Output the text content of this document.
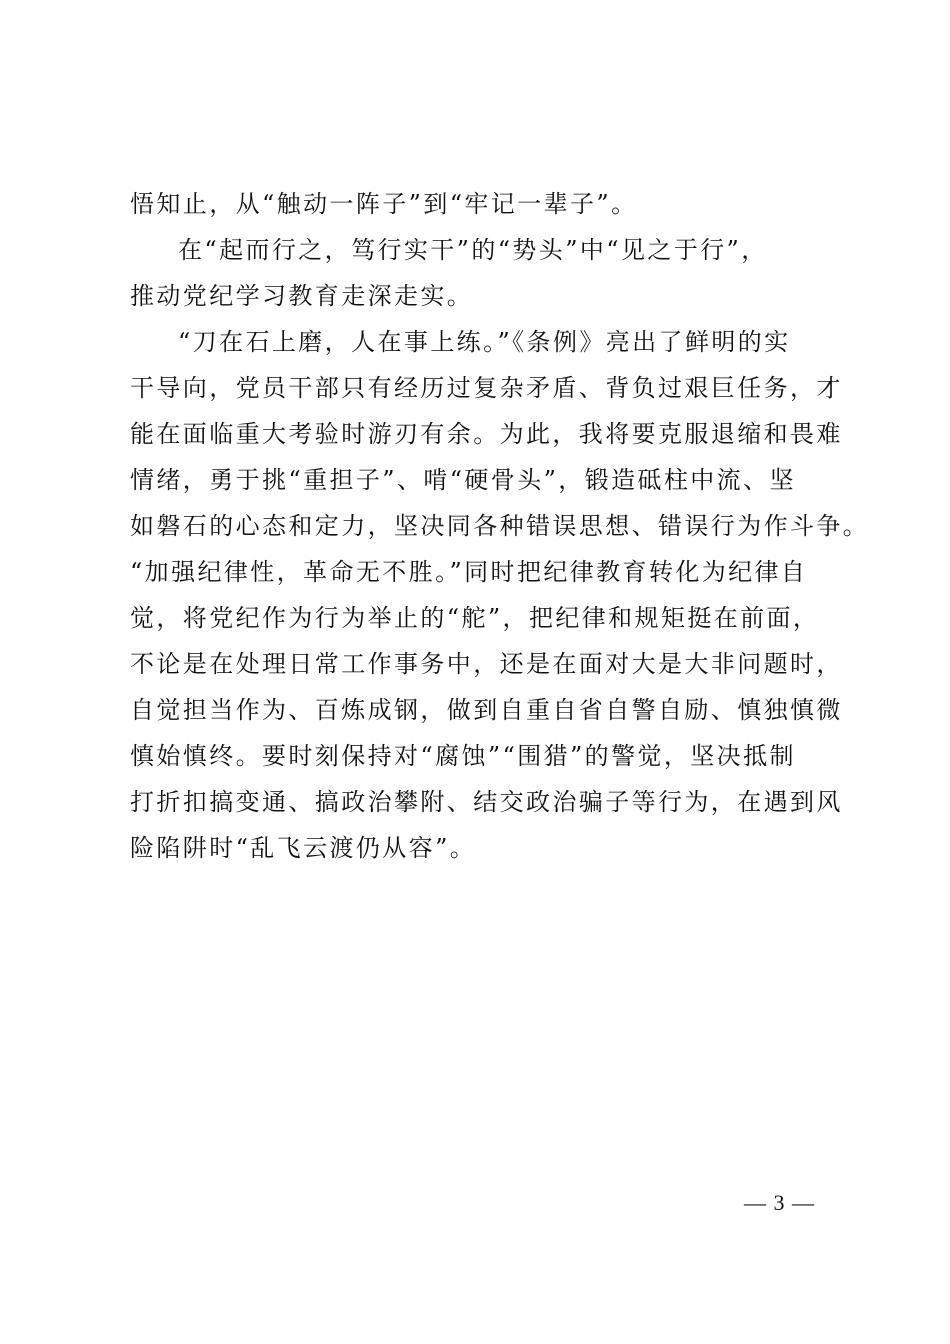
悟知止，从“触动一阵子”到“牢记一辈子”。
在“起而行之，笃行实干”的“势头”中“见之于行”，
推动党纪学习教育走深走实。
“刀在石上磨，人在事上练。”《条例》亮出了鲜明的实
干导向，党员干部只有经历过复杂矛盾、背负过艰巨任务，才
能在面临重大考验时游刃有余。为此，我将要克服退缩和畏难
情绪，勇于挑“重担子”、啃“硬骨头”，锻造砥柱中流、坚
如磐石的心态和定力，坚决同各种错误思想、错误行为作斗争。
“加强纪律性，革命无不胜。”同时把纪律教育转化为纪律自
觉，将党纪作为行为举止的“舵”，把纪律和规矩挺在前面，
不论是在处理日常工作事务中，还是在面对大是大非问题时，
自觉担当作为、百炼成钢，做到自重自省自警自励、慎独慎微
慎始慎终。要时刻保持对“腐蚀”“围猎”的警觉，坚决抵制
打折扣搞变通、搞政治攀附、结交政治骗子等行为，在遇到风
险陷阱时“乱飞云渡仍从容”。
— 3 —
